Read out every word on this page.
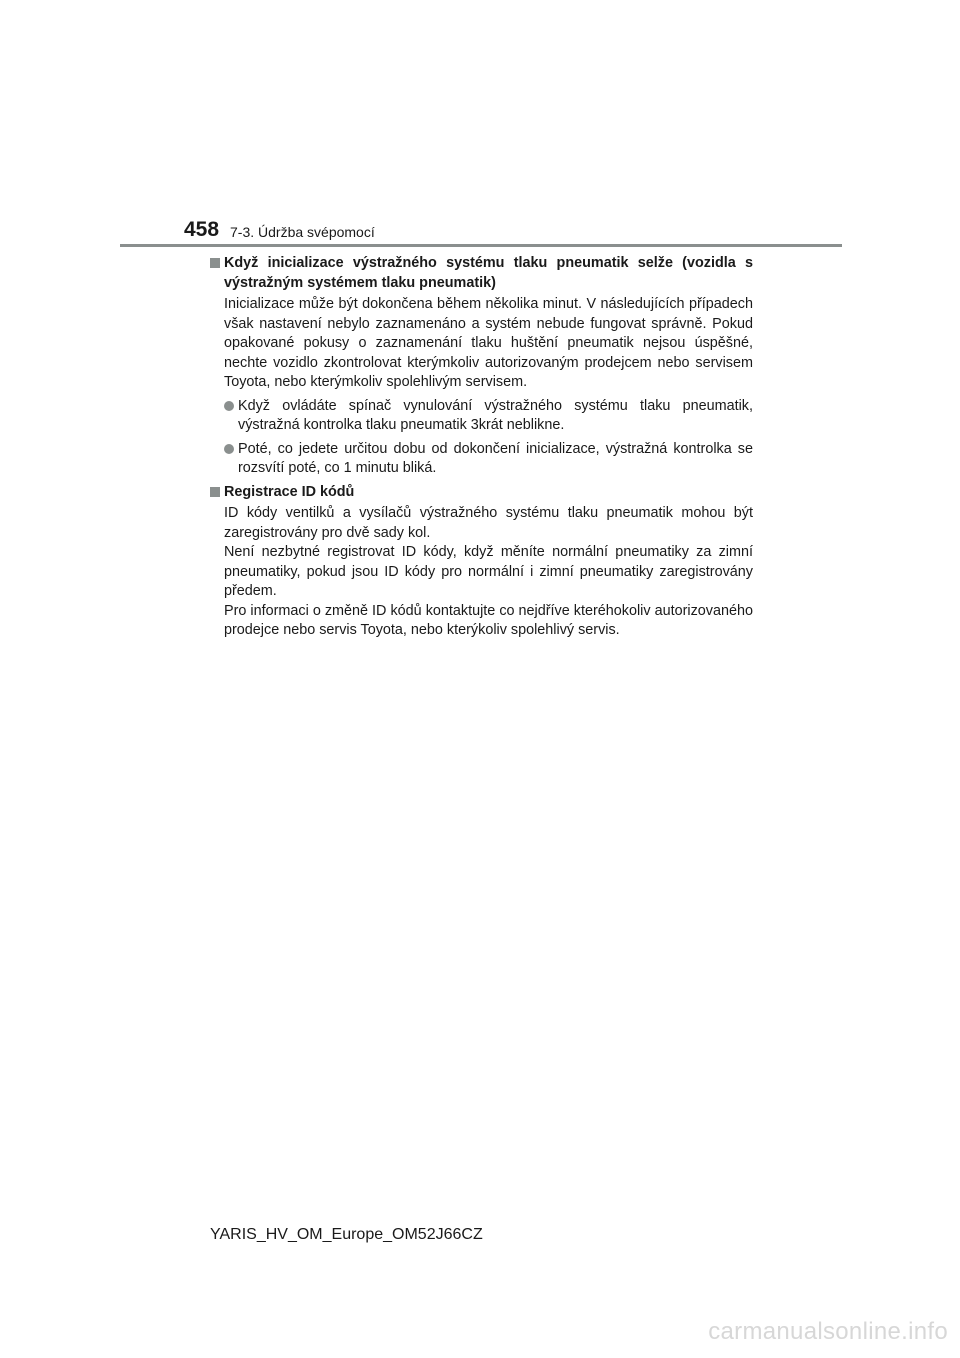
458 7-3. Údržba svépomocí
Když inicializace výstražného systému tlaku pneumatik selže (vozidla s výstražným systémem tlaku pneumatik)
Inicializace může být dokončena během několika minut. V následujících případech však nastavení nebylo zaznamenáno a systém nebude fungovat správně. Pokud opakované pokusy o zaznamenání tlaku huštění pneumatik nejsou úspěšné, nechte vozidlo zkontrolovat kterýmkoliv autorizovaným prodejcem nebo servisem Toyota, nebo kterýmkoliv spolehlivým servisem.
Když ovládáte spínač vynulování výstražného systému tlaku pneumatik, výstražná kontrolka tlaku pneumatik 3krát neblikne.
Poté, co jedete určitou dobu od dokončení inicializace, výstražná kontrolka se rozsvítí poté, co 1 minutu bliká.
Registrace ID kódů
ID kódy ventilků a vysílačů výstražného systému tlaku pneumatik mohou být zaregistrovány pro dvě sady kol.
Není nezbytné registrovat ID kódy, když měníte normální pneumatiky za zimní pneumatiky, pokud jsou ID kódy pro normální i zimní pneumatiky zaregistrovány předem.
Pro informaci o změně ID kódů kontaktujte co nejdříve kteréhokoliv autorizovaného prodejce nebo servis Toyota, nebo kterýkoliv spolehlivý servis.
YARIS_HV_OM_Europe_OM52J66CZ
carmanualsonline.info
